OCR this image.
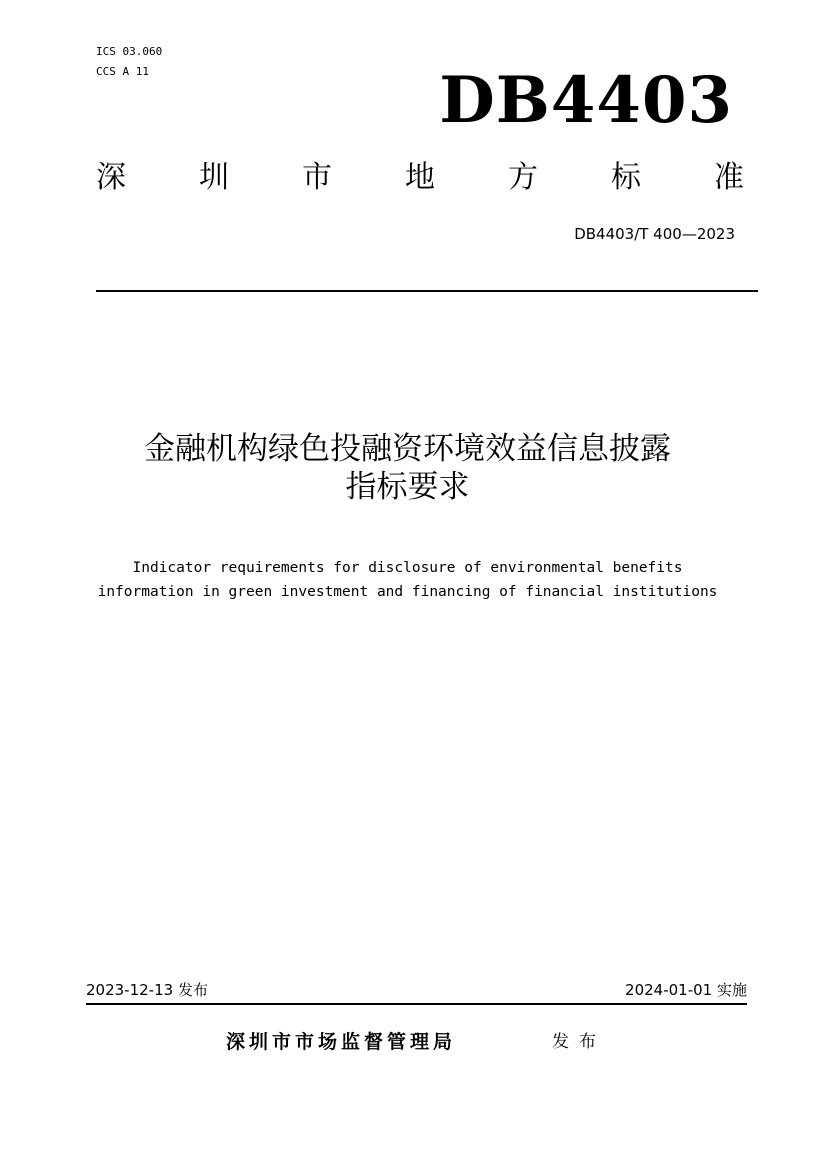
ICS 03.060
CCS A 11	DB4403
深 圳 市 地 方 标 准
DB4403/T 400—2023
金融机构绿色投融资环境效益信息披露
指标要求
Indicator requirements for disclosure of environmental benefits
information in green investment and financing of financial institutions
2023-12-13 发布	2024-01-01 实施
深圳市市场监督管理局	发布
